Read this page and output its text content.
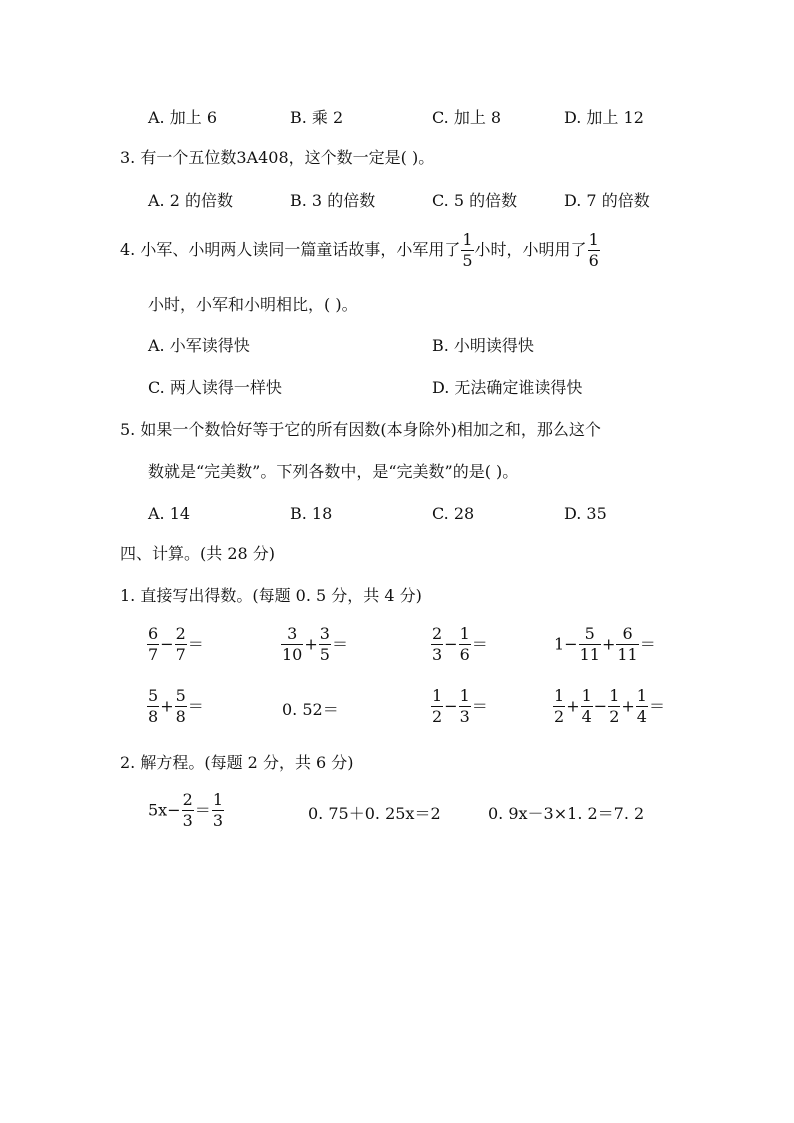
A. 加上 6	B. 乘 2	C. 加上 8	D. 加上 12
3. 有一个五位数3A408，这个数一定是( )。
A. 2 的倍数	B. 3 的倍数	C. 5 的倍数	D. 7 的倍数
4. 小军、小明两人读同一篇童话故事，小军用了 $\frac{1}{5}$ 小时，小明用了 $\frac{1}{6}$
小时，小军和小明相比，( )。
A. 小军读得快	B. 小明读得快
C. 两人读得一样快	D. 无法确定谁读得快
5. 如果一个数恰好等于它的所有因数(本身除外)相加之和，那么这个
数就是“完美数”。下列各数中，是“完美数”的是( )。
A. 14	B. 18	C. 28	D. 35
四、计算。(共 28 分)
1. 直接写出得数。(每题 0. 5 分，共 4 分)
$\frac{6}{7} - \frac{2}{7}$ ＝	$\frac{3}{10} + \frac{3}{5}$ ＝	$\frac{2}{3} - \frac{1}{6}$ ＝	$1- \frac{5}{11} + \frac{6}{11}$ ＝
$\frac{5}{8} + \frac{5}{8}$ ＝	0. 52＝	$\frac{1}{2} - \frac{1}{3}$ ＝	$\frac{1}{2} + \frac{1}{4} - \frac{1}{2} + \frac{1}{4}$ ＝
2. 解方程。(每题 2 分，共 6 分)
$5x- \frac{2}{3} = \frac{1}{3}$	0. 75＋0. 25x＝2	0. 9x－3×1. 2＝7. 2
